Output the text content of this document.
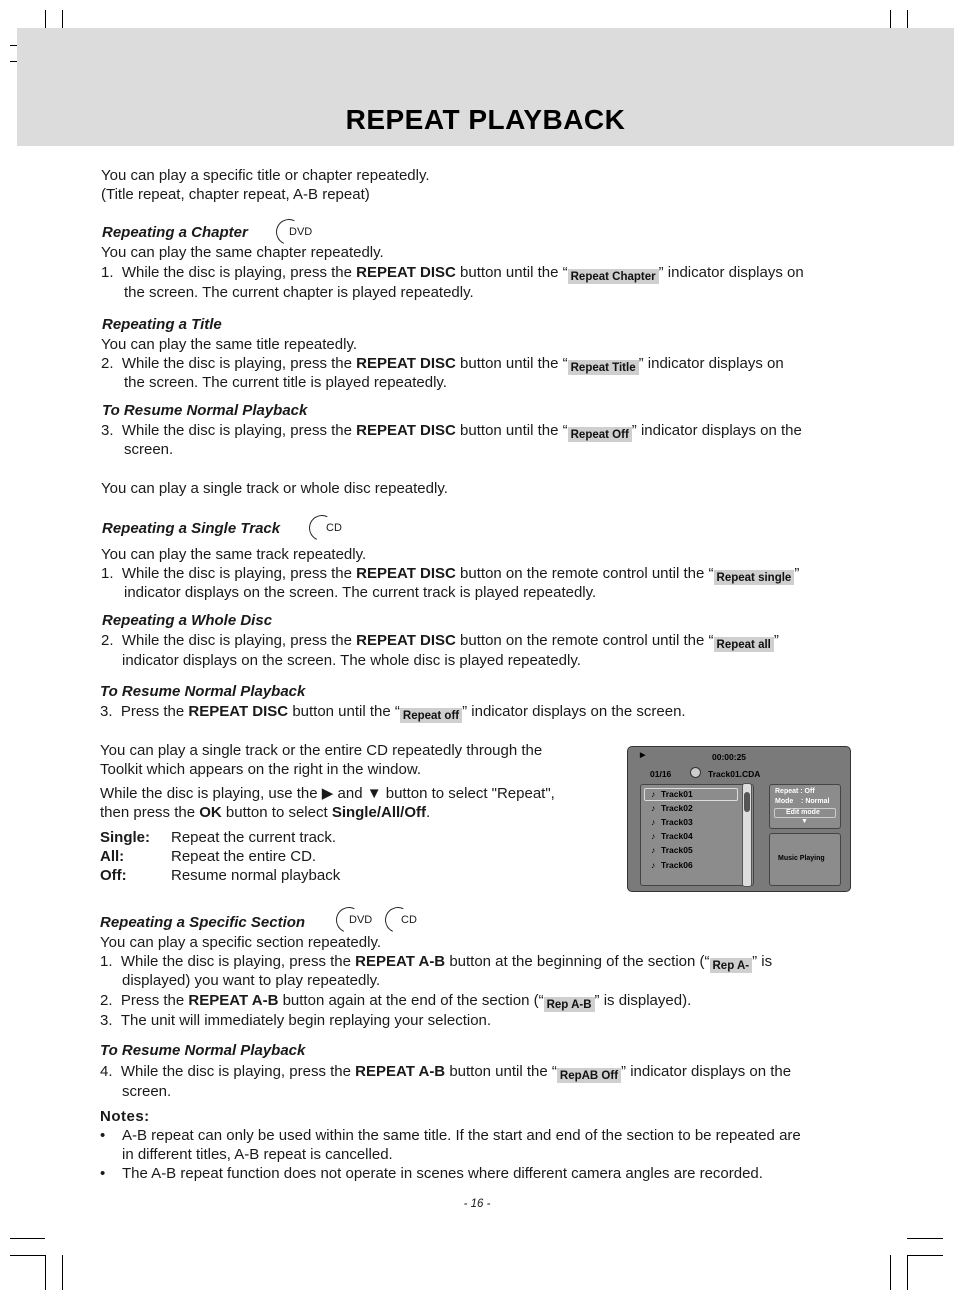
REPEAT PLAYBACK
You can play a specific title or chapter repeatedly.
(Title repeat, chapter repeat, A-B repeat)
Repeating a Chapter	DVD
You can play the same chapter repeatedly.
1. While the disc is playing, press the REPEAT DISC button until the “ Repeat Chapter ” indicator displays on
the screen. The current chapter is played repeatedly.
Repeating a Title
You can play the same title repeatedly.
2. While the disc is playing, press the REPEAT DISC button until the “ Repeat Title ” indicator displays on
the screen. The current title is played repeatedly.
To Resume Normal Playback
3. While the disc is playing, press the REPEAT DISC button until the “ Repeat Off ” indicator displays on the
screen.
You can play a single track or whole disc repeatedly.
Repeating a Single Track	CD
You can play the same track repeatedly.
1. While the disc is playing, press the REPEAT DISC button on the remote control until the “ Repeat single ”
indicator displays on the screen. The current track is played repeatedly.
Repeating a Whole Disc
2. While the disc is playing, press the REPEAT DISC button on the remote control until the “ Repeat all ”
indicator displays on the screen. The whole disc is played repeatedly.
To Resume Normal Playback
3. Press the REPEAT DISC button until the “ Repeat off ” indicator displays on the screen.
You can play a single track or the entire CD repeatedly through the
Toolkit which appears on the right in the window.
While the disc is playing, use the ▶ and ▼ button to select "Repeat",
then press the OK button to select Single/All/Off.
Single: Repeat the current track.
All:	Repeat the entire CD.
Off:	Resume normal playback
▶	00:00:25
01/16	Track01.CDA
♪ Track01
♪ Track02
♪ Track03
♪ Track04
♪ Track05
♪ Track06
Repeat : Off
Mode    : Normal
Edit mode
▼
Music Playing
Repeating a Specific Section	DVD	CD
You can play a specific section repeatedly.
1. While the disc is playing, press the REPEAT A-B button at the beginning of the section (“ Rep A- ” is
displayed) you want to play repeatedly.
2. Press the REPEAT A-B button again at the end of the section (“ Rep A-B ” is displayed).
3. The unit will immediately begin replaying your selection.
To Resume Normal Playback
4. While the disc is playing, press the REPEAT A-B button until the “ RepAB Off ” indicator displays on the
screen.
Notes:
• A-B repeat can only be used within the same title. If the start and end of the section to be repeated are
in different titles, A-B repeat is cancelled.
• The A-B repeat function does not operate in scenes where different camera angles are recorded.
- 16 -
